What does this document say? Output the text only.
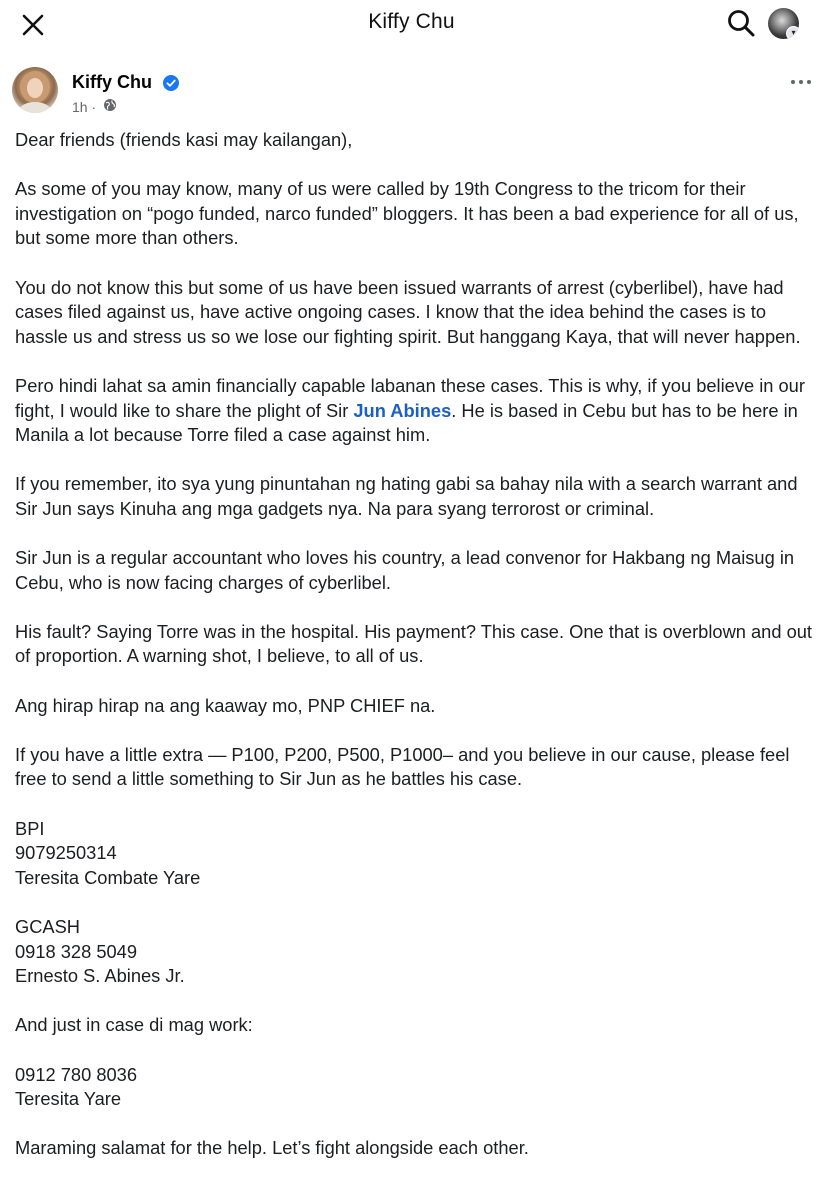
Kiffy Chu	▾
Kiffy Chu
1h ·

Dear friends (friends kasi may kailangan),

As some of you may know, many of us were called by 19th Congress to the tricom for their investigation on “pogo funded, narco funded” bloggers. It has been a bad experience for all of us, but some more than others.

You do not know this but some of us have been issued warrants of arrest (cyberlibel), have had cases filed against us, have active ongoing cases. I know that the idea behind the cases is to hassle us and stress us so we lose our fighting spirit. But hanggang Kaya, that will never happen.

Pero hindi lahat sa amin financially capable labanan these cases. This is why, if you believe in our fight, I would like to share the plight of Sir Jun Abines. He is based in Cebu but has to be here in Manila a lot because Torre filed a case against him.

If you remember, ito sya yung pinuntahan ng hating gabi sa bahay nila with a search warrant and Sir Jun says Kinuha ang mga gadgets nya. Na para syang terrorost or criminal.

Sir Jun is a regular accountant who loves his country, a lead convenor for Hakbang ng Maisug in Cebu, who is now facing charges of cyberlibel.

His fault? Saying Torre was in the hospital. His payment? This case. One that is overblown and out of proportion. A warning shot, I believe, to all of us.

Ang hirap hirap na ang kaaway mo, PNP CHIEF na.

If you have a little extra — P100, P200, P500, P1000– and you believe in our cause, please feel free to send a little something to Sir Jun as he battles his case.

BPI
9079250314
Teresita Combate Yare

GCASH
0918 328 5049
Ernesto S. Abines Jr.

And just in case di mag work:

0912 780 8036
Teresita Yare

Maraming salamat for the help. Let’s fight alongside each other.
